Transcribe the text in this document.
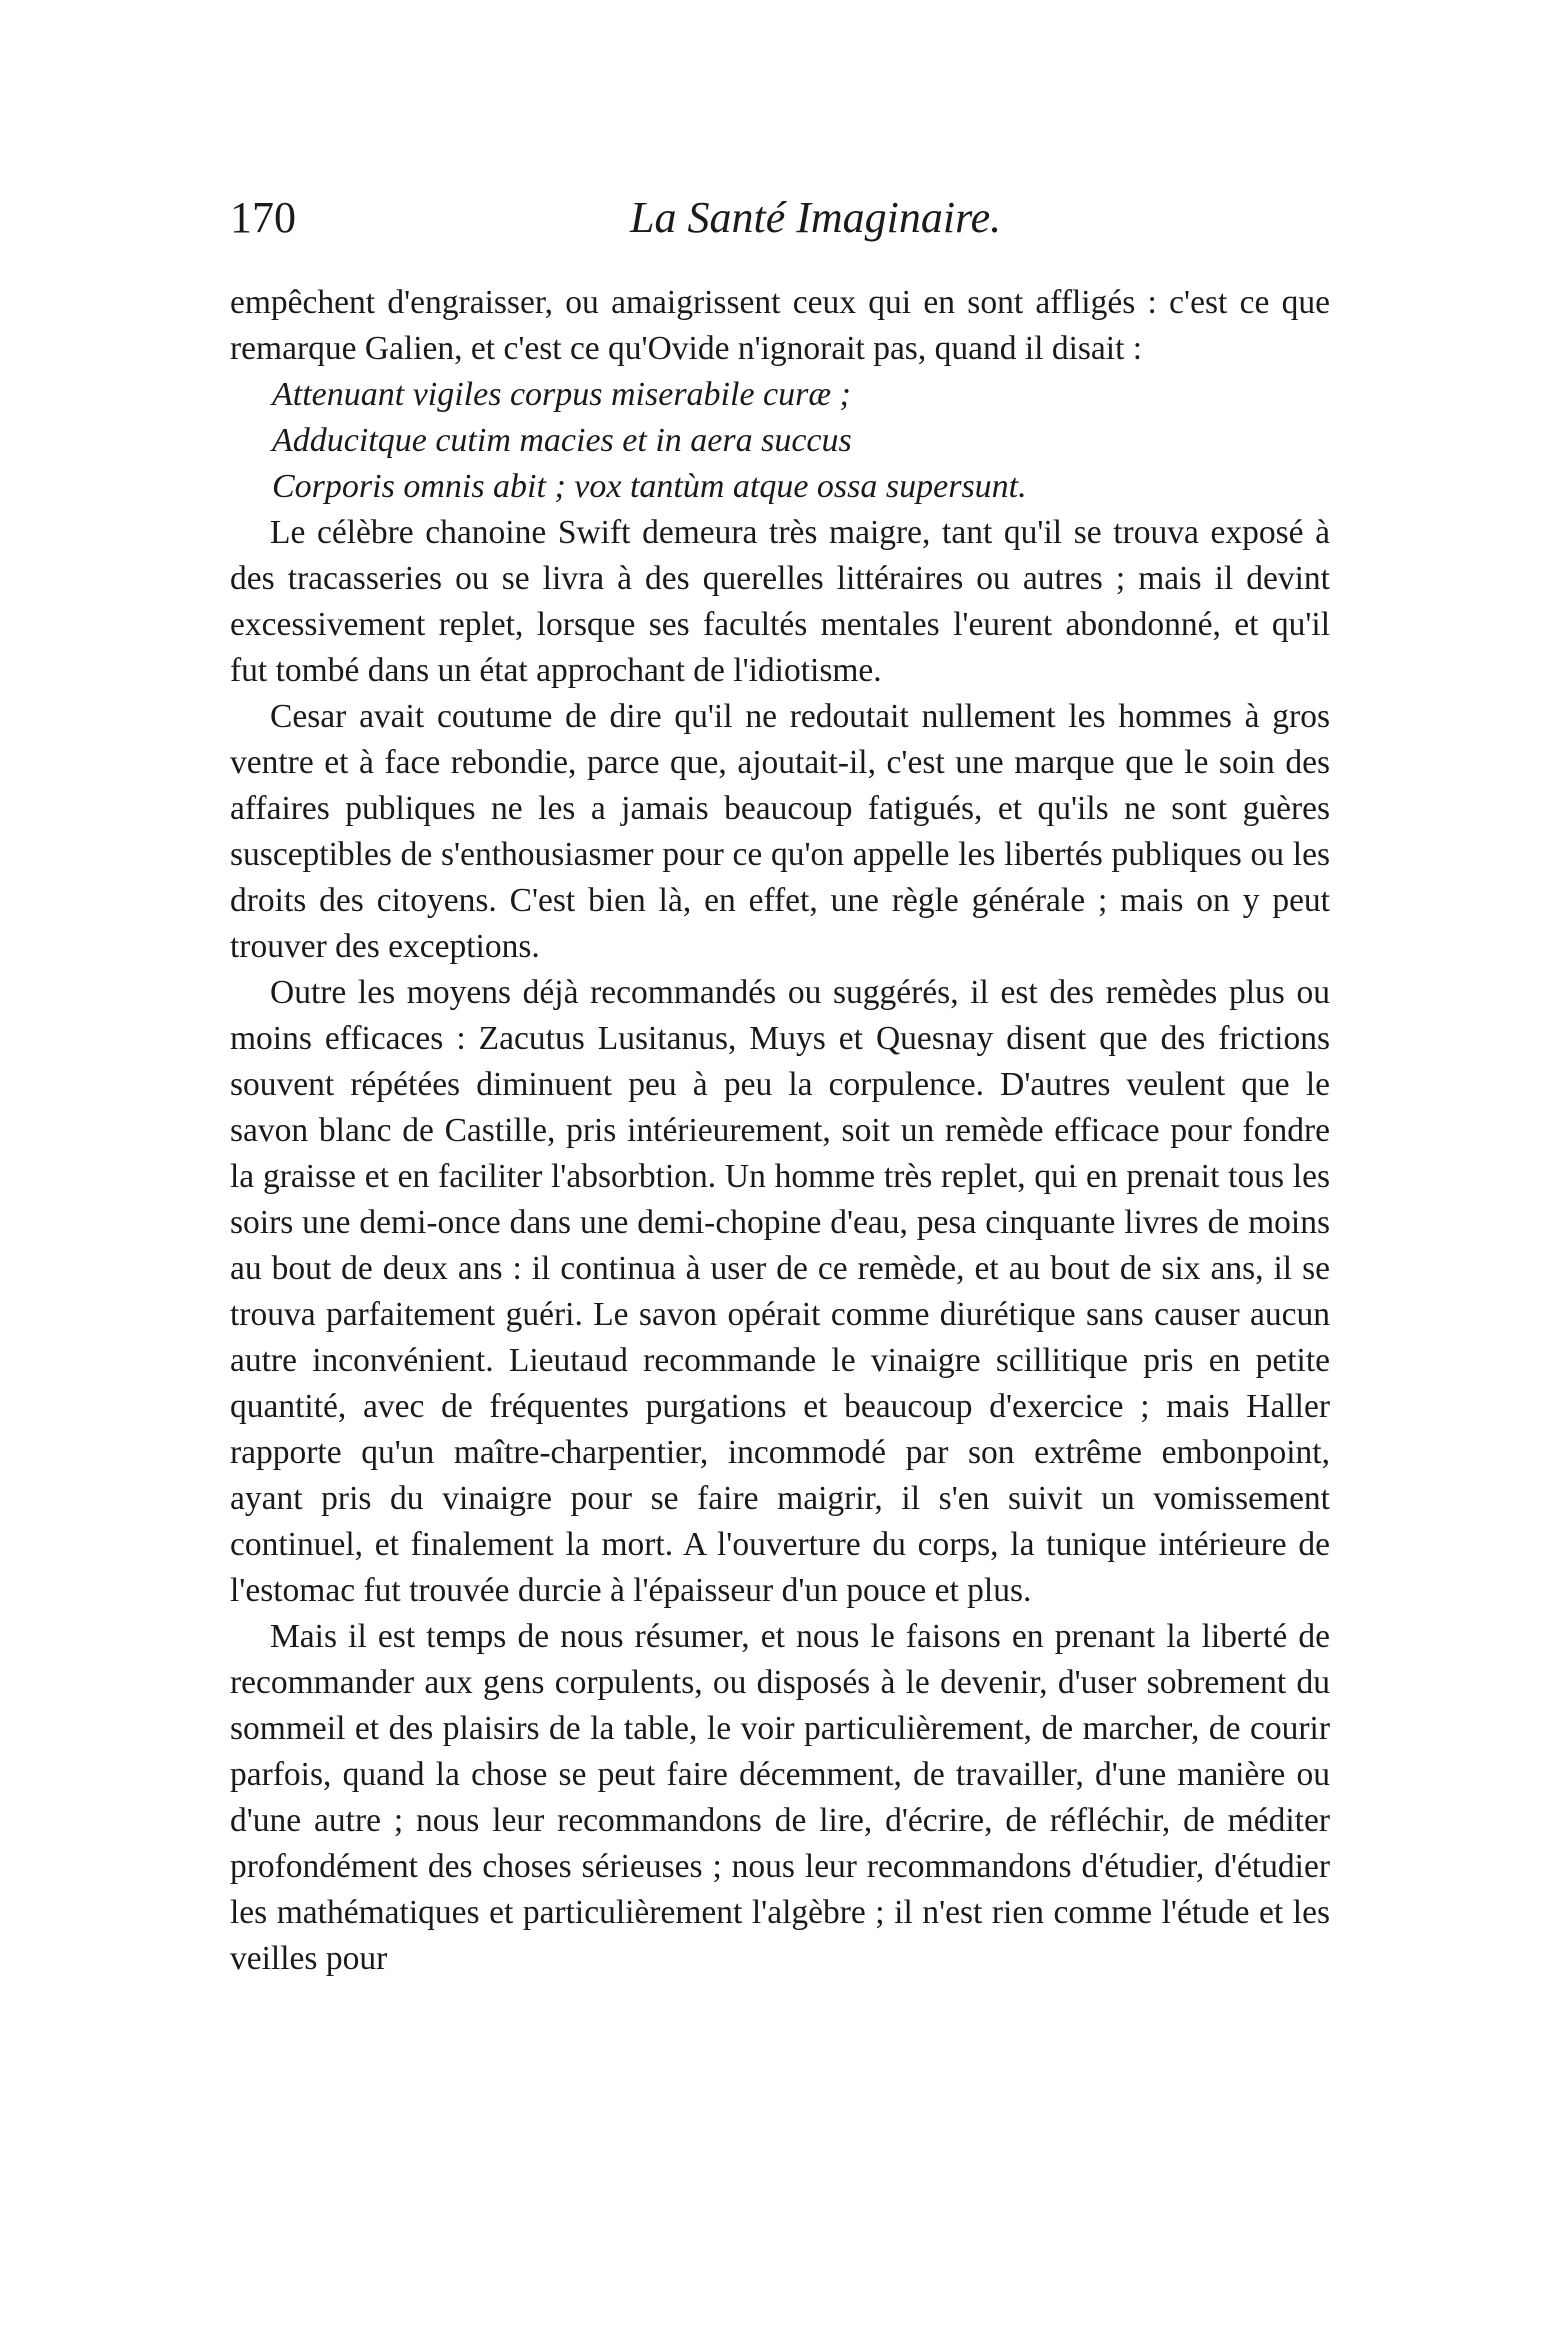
170	La Santé Imaginaire.

empêchent d'engraisser, ou amaigrissent ceux qui en sont affligés : c'est ce que remarque Galien, et c'est ce qu'Ovide n'ignorait pas, quand il disait :

Attenuant vigiles corpus miserabile curæ ;
Adducitque cutim macies et in aera succus
Corporis omnis abit ; vox tantùm atque ossa supersunt.

Le célèbre chanoine Swift demeura très maigre, tant qu'il se trouva exposé à des tracasseries ou se livra à des querelles littéraires ou autres ; mais il devint excessivement replet, lorsque ses facultés mentales l'eurent abondonné, et qu'il fut tombé dans un état approchant de l'idiotisme.

Cesar avait coutume de dire qu'il ne redoutait nullement les hommes à gros ventre et à face rebondie, parce que, ajoutait-il, c'est une marque que le soin des affaires publiques ne les a jamais beaucoup fatigués, et qu'ils ne sont guères susceptibles de s'enthousiasmer pour ce qu'on appelle les libertés publiques ou les droits des citoyens. C'est bien là, en effet, une règle générale ; mais on y peut trouver des exceptions.

Outre les moyens déjà recommandés ou suggérés, il est des remèdes plus ou moins efficaces : Zacutus Lusitanus, Muys et Quesnay disent que des frictions souvent répétées diminuent peu à peu la corpulence. D'autres veulent que le savon blanc de Castille, pris intérieurement, soit un remède efficace pour fondre la graisse et en faciliter l'absorbtion. Un homme très replet, qui en prenait tous les soirs une demi-once dans une demi-chopine d'eau, pesa cinquante livres de moins au bout de deux ans : il continua à user de ce remède, et au bout de six ans, il se trouva parfaitement guéri. Le savon opérait comme diurétique sans causer aucun autre inconvénient. Lieutaud recommande le vinaigre scillitique pris en petite quantité, avec de fréquentes purgations et beaucoup d'exercice ; mais Haller rapporte qu'un maître-charpentier, incommodé par son extrême embonpoint, ayant pris du vinaigre pour se faire maigrir, il s'en suivit un vomissement continuel, et finalement la mort. A l'ouverture du corps, la tunique intérieure de l'estomac fut trouvée durcie à l'épaisseur d'un pouce et plus.

Mais il est temps de nous résumer, et nous le faisons en prenant la liberté de recommander aux gens corpulents, ou disposés à le devenir, d'user sobrement du sommeil et des plaisirs de la table, le voir particulièrement, de marcher, de courir parfois, quand la chose se peut faire décemment, de travailler, d'une manière ou d'une autre ; nous leur recommandons de lire, d'écrire, de réfléchir, de méditer profondément des choses sérieuses ; nous leur recommandons d'étudier, d'étudier les mathématiques et particulièrement l'algèbre ; il n'est rien comme l'étude et les veilles pour
